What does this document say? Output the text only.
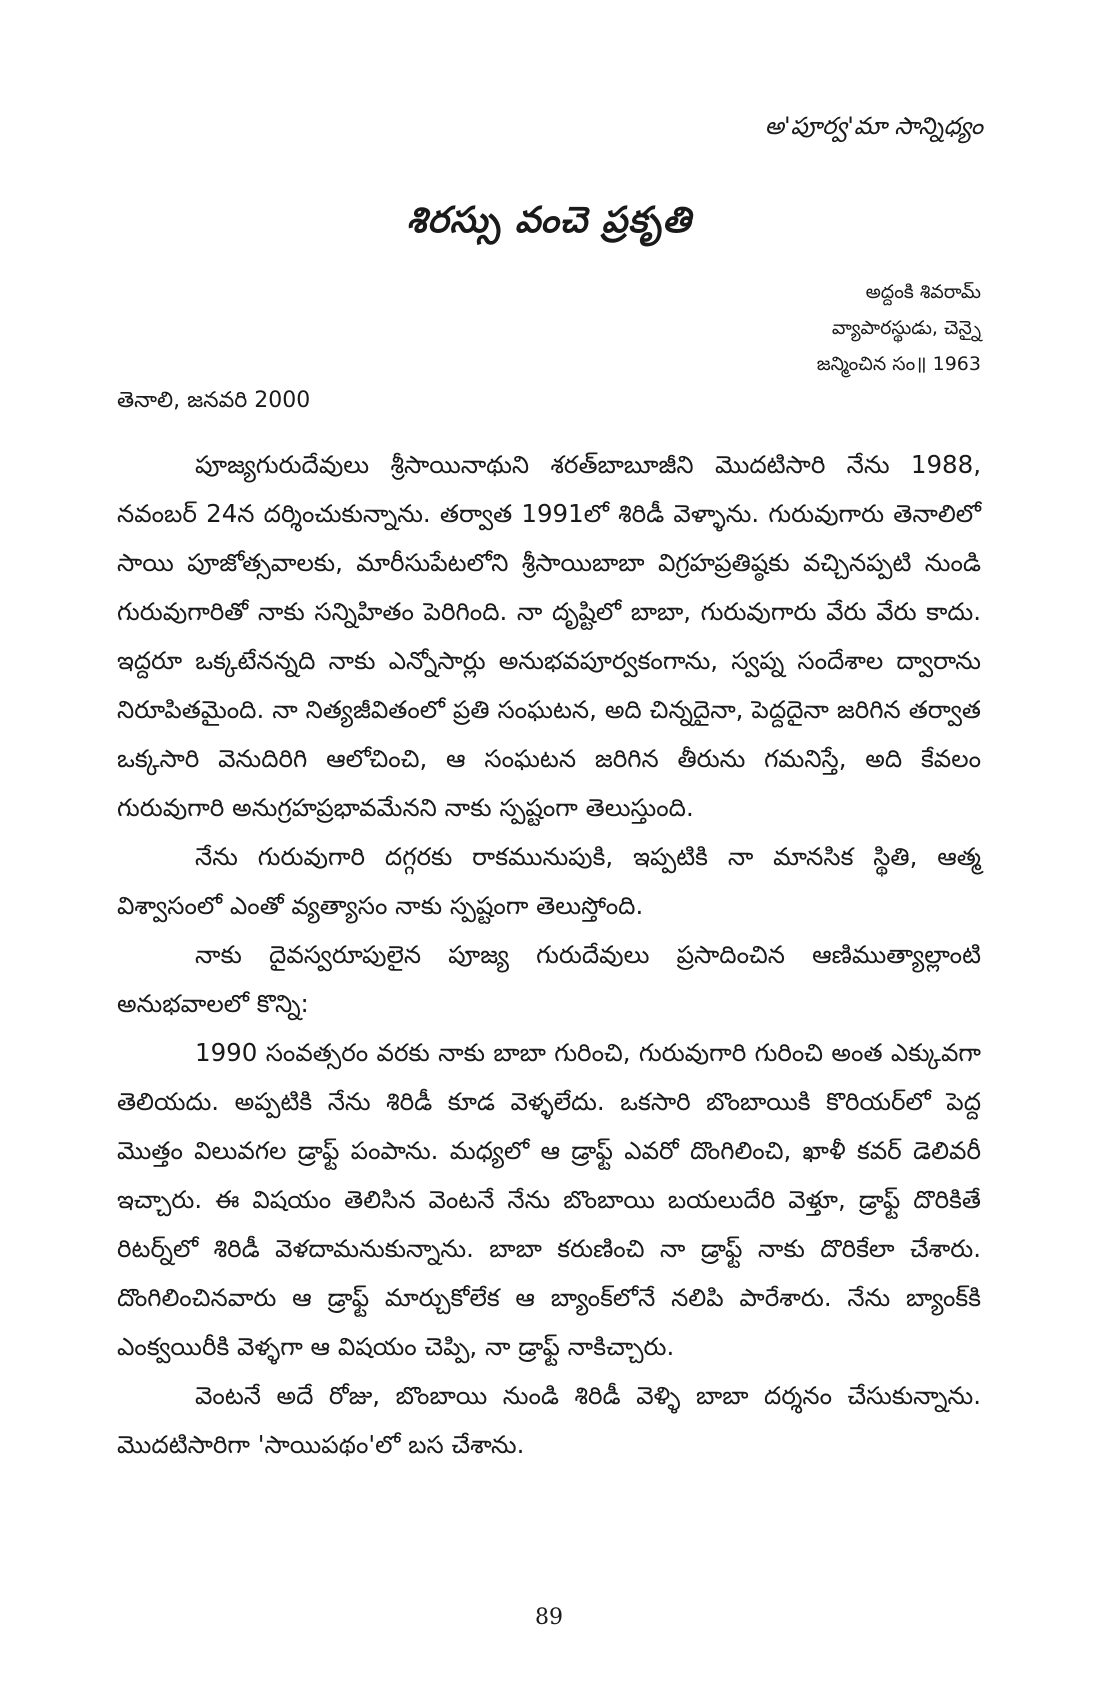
అ'పూర్వ'మా సాన్నిధ్యం
శిరస్సు వంచె ప్రకృతి
అద్దంకి శివరామ్
వ్యాపారస్థుడు, చెన్నై
జన్మించిన సం॥ 1963
తెనాలి, జనవరి 2000

పూజ్యగురుదేవులు శ్రీసాయినాథుని శరత్‌బాబూజీని మొదటిసారి నేను 1988, నవంబర్ 24న దర్శించుకున్నాను. తర్వాత 1991లో శిరిడీ వెళ్ళాను. గురువుగారు తెనాలిలో సాయి పూజోత్సవాలకు, మారీసుపేటలోని శ్రీసాయిబాబా విగ్రహప్రతిష్ఠకు వచ్చినప్పటి నుండి గురువుగారితో నాకు సన్నిహితం పెరిగింది. నా దృష్టిలో బాబా, గురువుగారు వేరు వేరు కాదు. ఇద్దరూ ఒక్కటేనన్నది నాకు ఎన్నోసార్లు అనుభవపూర్వకంగాను, స్వప్న సందేశాల ద్వారాను నిరూపితమైంది. నా నిత్యజీవితంలో ప్రతి సంఘటన, అది చిన్నదైనా, పెద్దదైనా జరిగిన తర్వాత ఒక్కసారి వెనుదిరిగి ఆలోచించి, ఆ సంఘటన జరిగిన తీరును గమనిస్తే, అది కేవలం గురువుగారి అనుగ్రహప్రభావమేనని నాకు స్పష్టంగా తెలుస్తుంది.

నేను గురువుగారి దగ్గరకు రాకమునుపుకి, ఇప్పటికి నా మానసిక స్థితి, ఆత్మ విశ్వాసంలో ఎంతో వ్యత్యాసం నాకు స్పష్టంగా తెలుస్తోంది.

నాకు దైవస్వరూపులైన పూజ్య గురుదేవులు ప్రసాదించిన ఆణిముత్యాల్లాంటి అనుభవాలలో కొన్ని:

1990 సంవత్సరం వరకు నాకు బాబా గురించి, గురువుగారి గురించి అంత ఎక్కువగా తెలియదు. అప్పటికి నేను శిరిడీ కూడ వెళ్ళలేదు. ఒకసారి బొంబాయికి కొరియర్‌లో పెద్ద మొత్తం విలువగల డ్రాఫ్ట్ పంపాను. మధ్యలో ఆ డ్రాఫ్ట్ ఎవరో దొంగిలించి, ఖాళీ కవర్ డెలివరీ ఇచ్చారు. ఈ విషయం తెలిసిన వెంటనే నేను బొంబాయి బయలుదేరి వెళ్తూ, డ్రాఫ్ట్ దొరికితే రిటర్న్‌లో శిరిడీ వెళదామనుకున్నాను. బాబా కరుణించి నా డ్రాఫ్ట్ నాకు దొరికేలా చేశారు. దొంగిలించినవారు ఆ డ్రాఫ్ట్ మార్చుకోలేక ఆ బ్యాంక్‌లోనే నలిపి పారేశారు. నేను బ్యాంక్‌కి ఎంక్వయిరీకి వెళ్ళగా ఆ విషయం చెప్పి, నా డ్రాఫ్ట్ నాకిచ్చారు.

వెంటనే అదే రోజు, బొంబాయి నుండి శిరిడీ వెళ్ళి బాబా దర్శనం చేసుకున్నాను. మొదటిసారిగా 'సాయిపథం'లో బస చేశాను.

89
